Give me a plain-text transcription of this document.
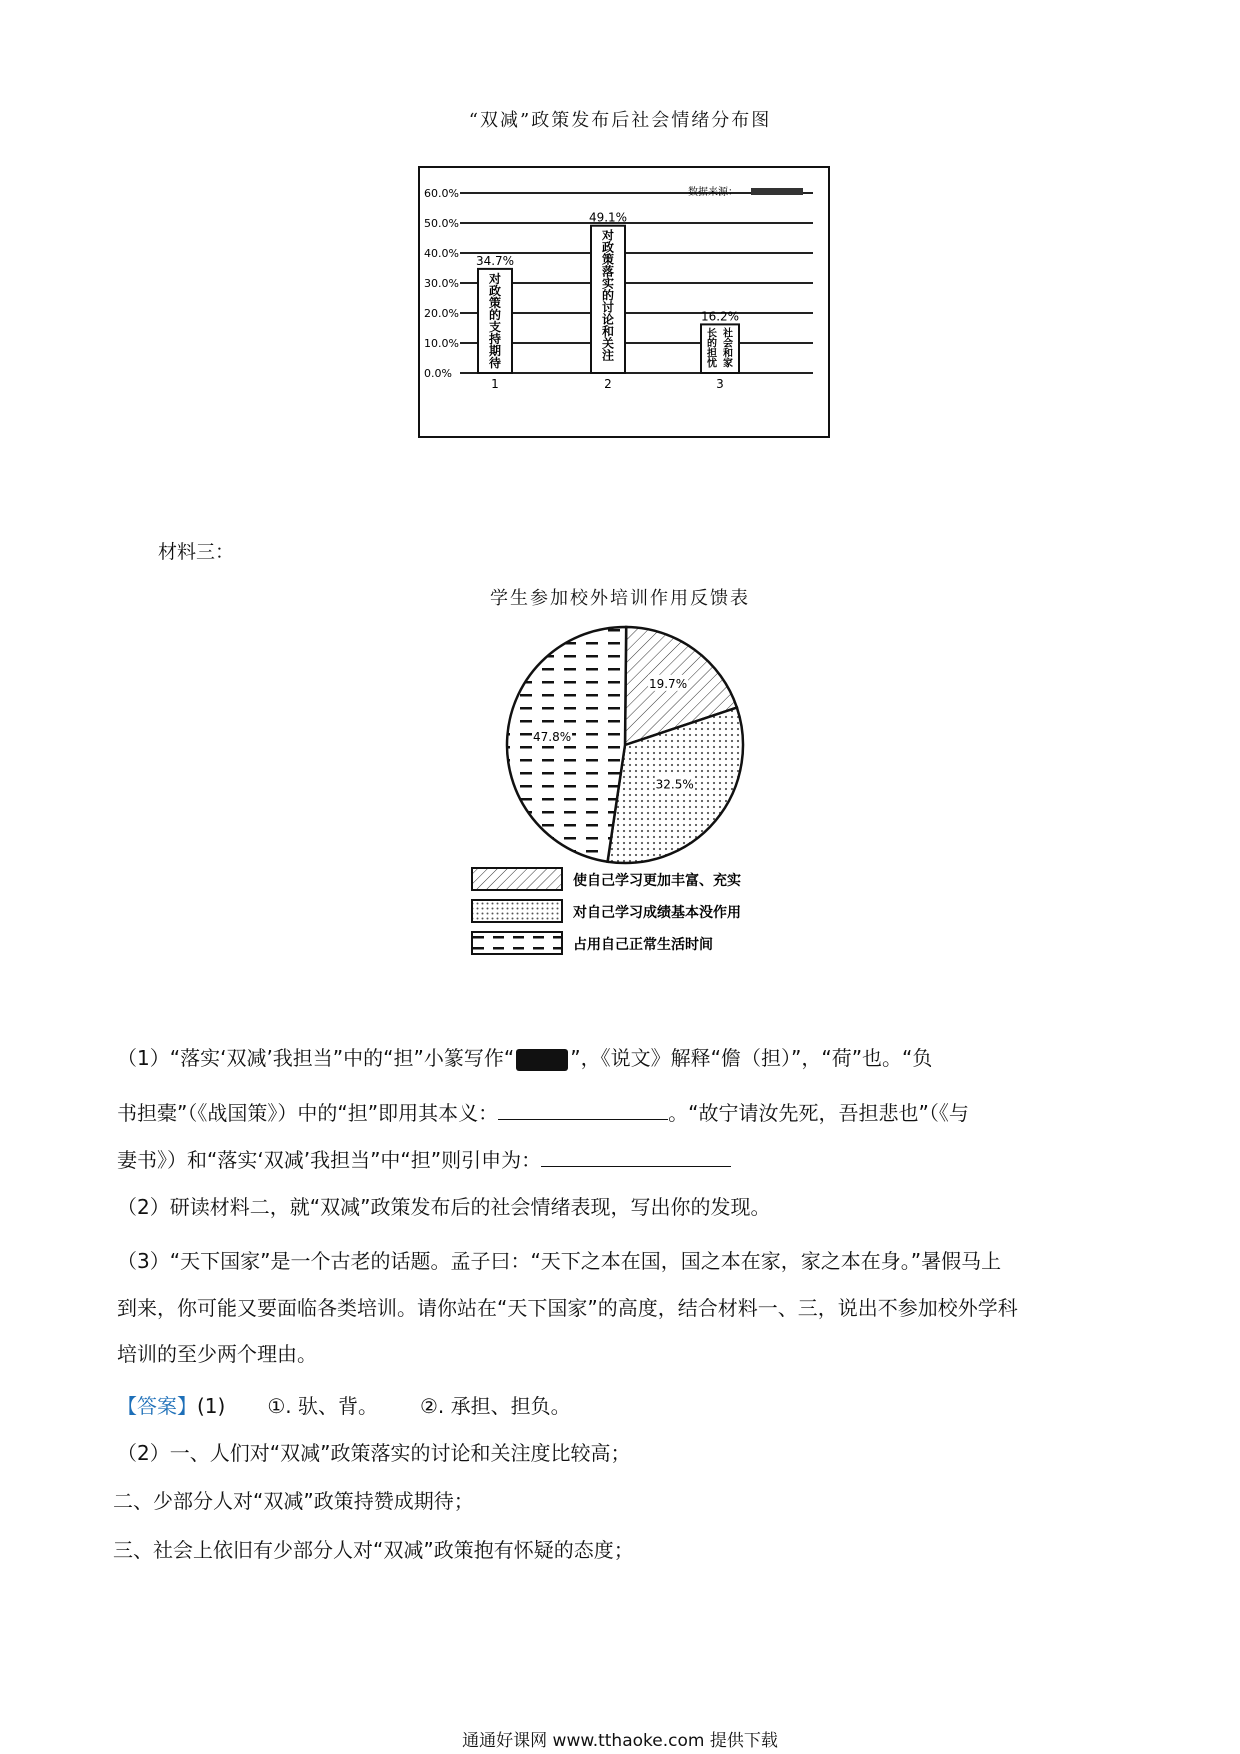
“双减”政策发布后社会情绪分布图
60.0%
50.0%
40.0%
30.0%
20.0%
10.0%
0.0%
34.7%
49.1%
16.2%
对
政
策
的
支
持
期
待
对
政
策
落
实
的
讨
论
和
关
注
社
会
和
家
长
的
担
忧
1	2	3
数据来源：
材料三：
学生参加校外培训作用反馈表
19.7%
32.5%
47.8%
使自己学习更加丰富、充实
对自己学习成绩基本没作用
占用自己正常生活时间
（1）“落实‘双减’我担当”中的“担”小篆写作“	”，《说文》解释“儋（担）”，“荷”也。“负
书担橐”（《战国策》）中的“担”即用其本义：	。“故宁请汝先死，吾担悲也”（《与
妻书》）和“落实‘双减’我担当”中“担”则引申为：
（2）研读材料二，就“双减”政策发布后的社会情绪表现，写出你的发现。
（3）“天下国家”是一个古老的话题。孟子曰：“天下之本在国，国之本在家，家之本在身。”暑假马上
到来，你可能又要面临各类培训。请你站在“天下国家”的高度，结合材料一、三，说出不参加校外学科
培训的至少两个理由。
【答案】(1) ①. 驮、背。 ②. 承担、担负。
（2）一、人们对“双减”政策落实的讨论和关注度比较高；
二、少部分人对“双减”政策持赞成期待；
三、社会上依旧有少部分人对“双减”政策抱有怀疑的态度；
通通好课网 www.tthaoke.com 提供下载
